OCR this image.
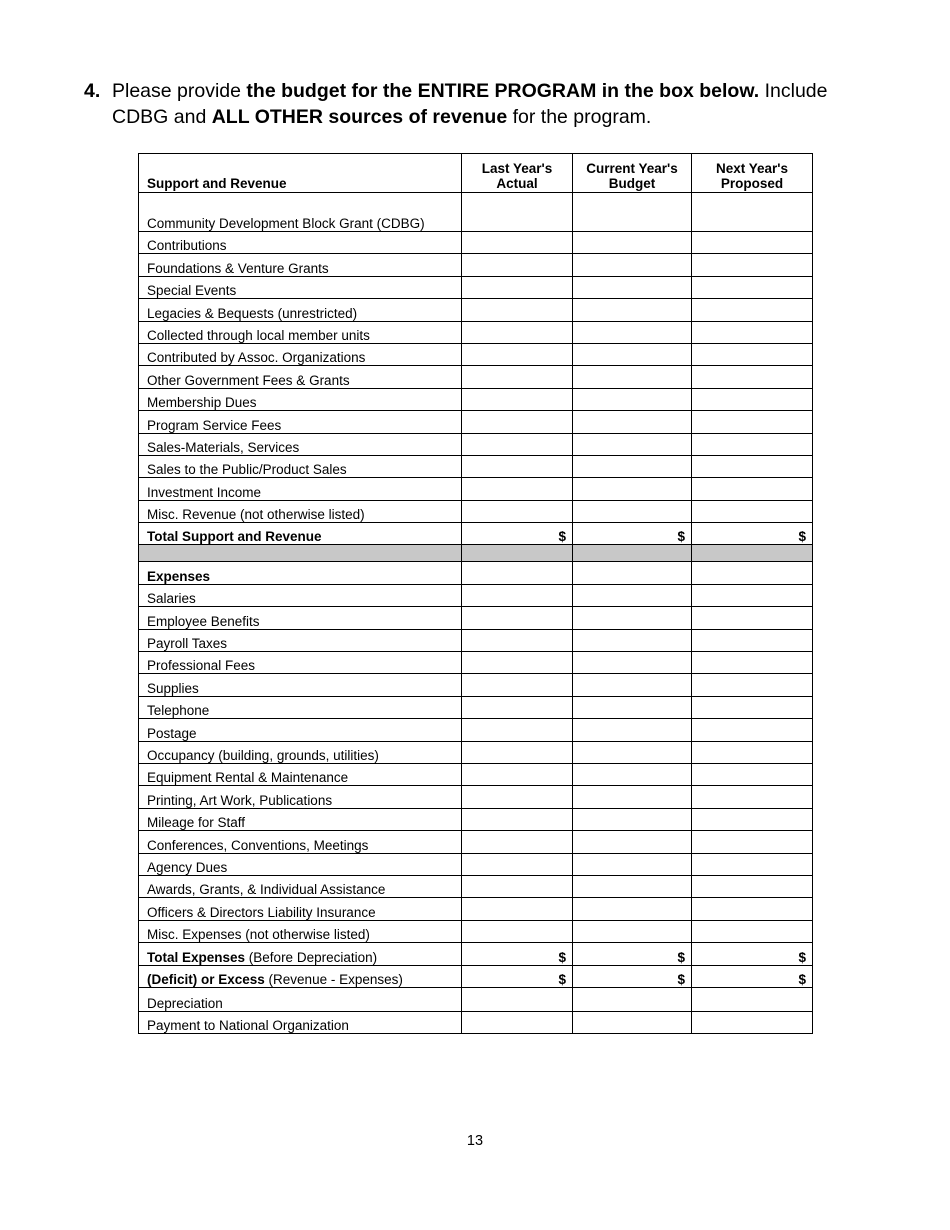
4. Please provide the budget for the ENTIRE PROGRAM in the box below. Include CDBG and ALL OTHER sources of revenue for the program.
Support and Revenue	Last Year's Actual	Current Year's Budget	Next Year's Proposed
Community Development Block Grant (CDBG)			
Contributions			
Foundations & Venture Grants			
Special Events			
Legacies & Bequests (unrestricted)			
Collected through local member units			
Contributed by Assoc. Organizations			
Other Government Fees & Grants			
Membership Dues			
Program Service Fees			
Sales-Materials, Services			
Sales to the Public/Product Sales			
Investment Income			
Misc. Revenue (not otherwise listed)			
Total Support and Revenue	$	$	$

Expenses			
Salaries			
Employee Benefits			
Payroll Taxes			
Professional Fees			
Supplies			
Telephone			
Postage			
Occupancy (building, grounds, utilities)			
Equipment Rental & Maintenance			
Printing, Art Work, Publications			
Mileage for Staff			
Conferences, Conventions, Meetings			
Agency Dues			
Awards, Grants, & Individual Assistance			
Officers & Directors Liability Insurance			
Misc. Expenses (not otherwise listed)			
Total Expenses (Before Depreciation)	$	$	$
(Deficit) or Excess (Revenue - Expenses)	$	$	$
Depreciation			
Payment to National Organization			
13
